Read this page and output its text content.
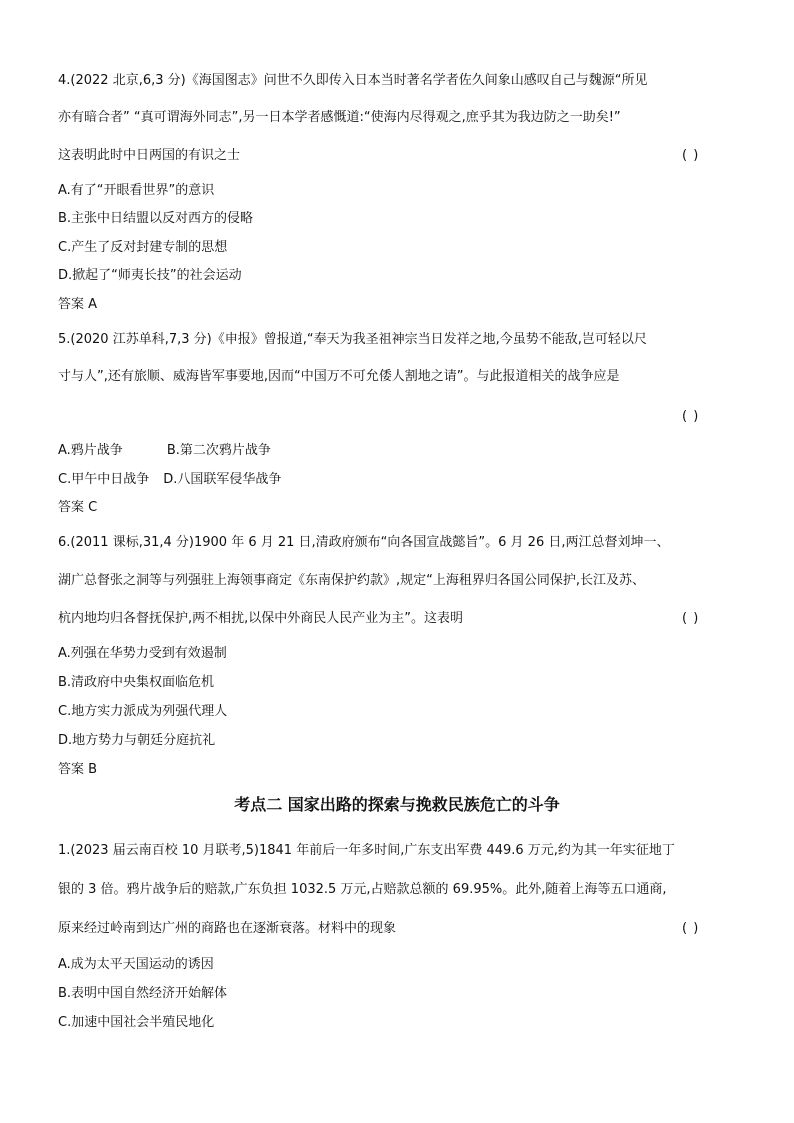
4.(2022 北京,6,3 分)《海国图志》问世不久即传入日本当时著名学者佐久间象山感叹自己与魏源“所见
亦有暗合者” “真可谓海外同志”,另一日本学者感慨道:“使海内尽得观之,庶乎其为我边防之一助矣!”
这表明此时中日两国的有识之士	( )
A.有了“开眼看世界”的意识
B.主张中日结盟以反对西方的侵略
C.产生了反对封建专制的思想
D.掀起了“师夷长技”的社会运动
答案 A
5.(2020 江苏单科,7,3 分)《申报》曾报道,“奉天为我圣祖神宗当日发祥之地,今虽势不能敌,岂可轻以尺
寸与人”,还有旅顺、威海皆军事要地,因而“中国万不可允倭人割地之请”。与此报道相关的战争应是
( )
A.鸦片战争	B.第二次鸦片战争
C.甲午中日战争 D.八国联军侵华战争
答案 C
6.(2011 课标,31,4 分)1900 年 6 月 21 日,清政府颁布“向各国宣战懿旨”。6 月 26 日,两江总督刘坤一、
湖广总督张之洞等与列强驻上海领事商定《东南保护约款》,规定“上海租界归各国公同保护,长江及苏、
杭内地均归各督抚保护,两不相扰,以保中外商民人民产业为主”。这表明	( )
A.列强在华势力受到有效遏制
B.清政府中央集权面临危机
C.地方实力派成为列强代理人
D.地方势力与朝廷分庭抗礼
答案 B
考点二 国家出路的探索与挽救民族危亡的斗争
1.(2023 届云南百校 10 月联考,5)1841 年前后一年多时间,广东支出军费 449.6 万元,约为其一年实征地丁
银的 3 倍。鸦片战争后的赔款,广东负担 1032.5 万元,占赔款总额的 69.95%。此外,随着上海等五口通商,
原来经过岭南到达广州的商路也在逐渐衰落。材料中的现象	( )
A.成为太平天国运动的诱因
B.表明中国自然经济开始解体
C.加速中国社会半殖民地化
